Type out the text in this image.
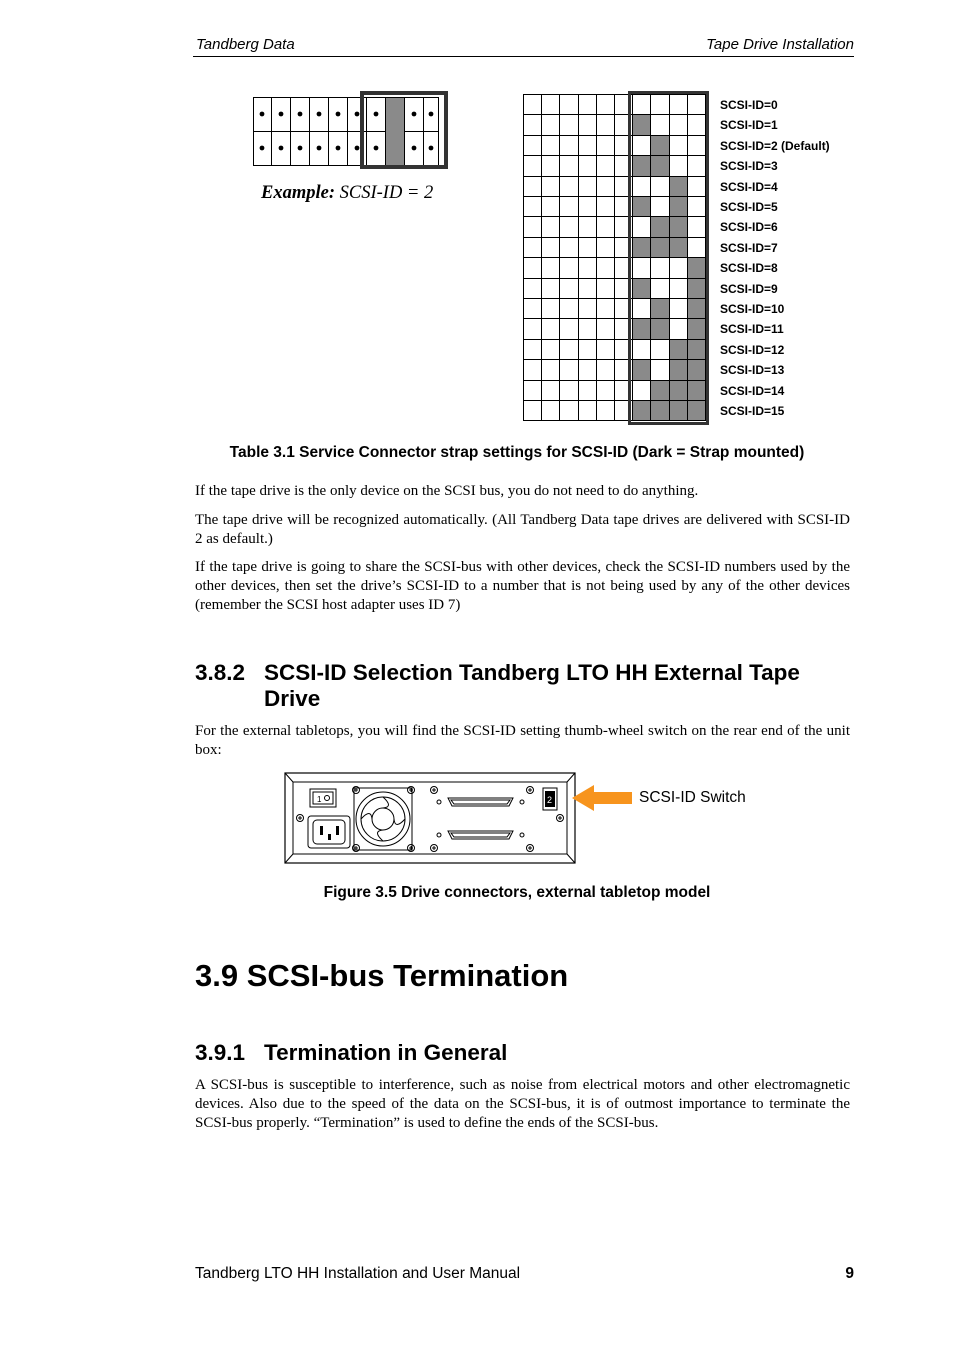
Tandberg Data	Tape Drive Installation
Example: SCSI-ID = 2
SCSI-ID=0
SCSI-ID=1
SCSI-ID=2 (Default)
SCSI-ID=3
SCSI-ID=4
SCSI-ID=5
SCSI-ID=6
SCSI-ID=7
SCSI-ID=8
SCSI-ID=9
SCSI-ID=10
SCSI-ID=11
SCSI-ID=12
SCSI-ID=13
SCSI-ID=14
SCSI-ID=15
Table 3.1 Service Connector strap settings for SCSI-ID (Dark = Strap mounted)
If the tape drive is the only device on the SCSI bus, you do not need to do anything.
The tape drive will be recognized automatically. (All Tandberg Data tape drives are delivered with SCSI-ID 2 as default.)
If the tape drive is going to share the SCSI-bus with other devices, check the SCSI-ID numbers used by the other devices, then set the drive’s SCSI-ID to a number that is not being used by any of the other devices (remember the SCSI host adapter uses ID 7)
3.8.2 SCSI-ID Selection Tandberg LTO HH External Tape
Drive
For the external tabletops, you will find the SCSI-ID setting thumb-wheel switch on the rear end of the unit box:
1	2	SCSI-ID Switch
Figure 3.5 Drive connectors, external tabletop model
3.9 SCSI-bus Termination
3.9.1 Termination in General
A SCSI-bus is susceptible to interference, such as noise from electrical motors and other electromagnetic devices. Also due to the speed of the data on the SCSI-bus, it is of outmost importance to terminate the SCSI-bus properly. “Termination” is used to define the ends of the SCSI-bus.
Tandberg LTO HH Installation and User Manual	9
